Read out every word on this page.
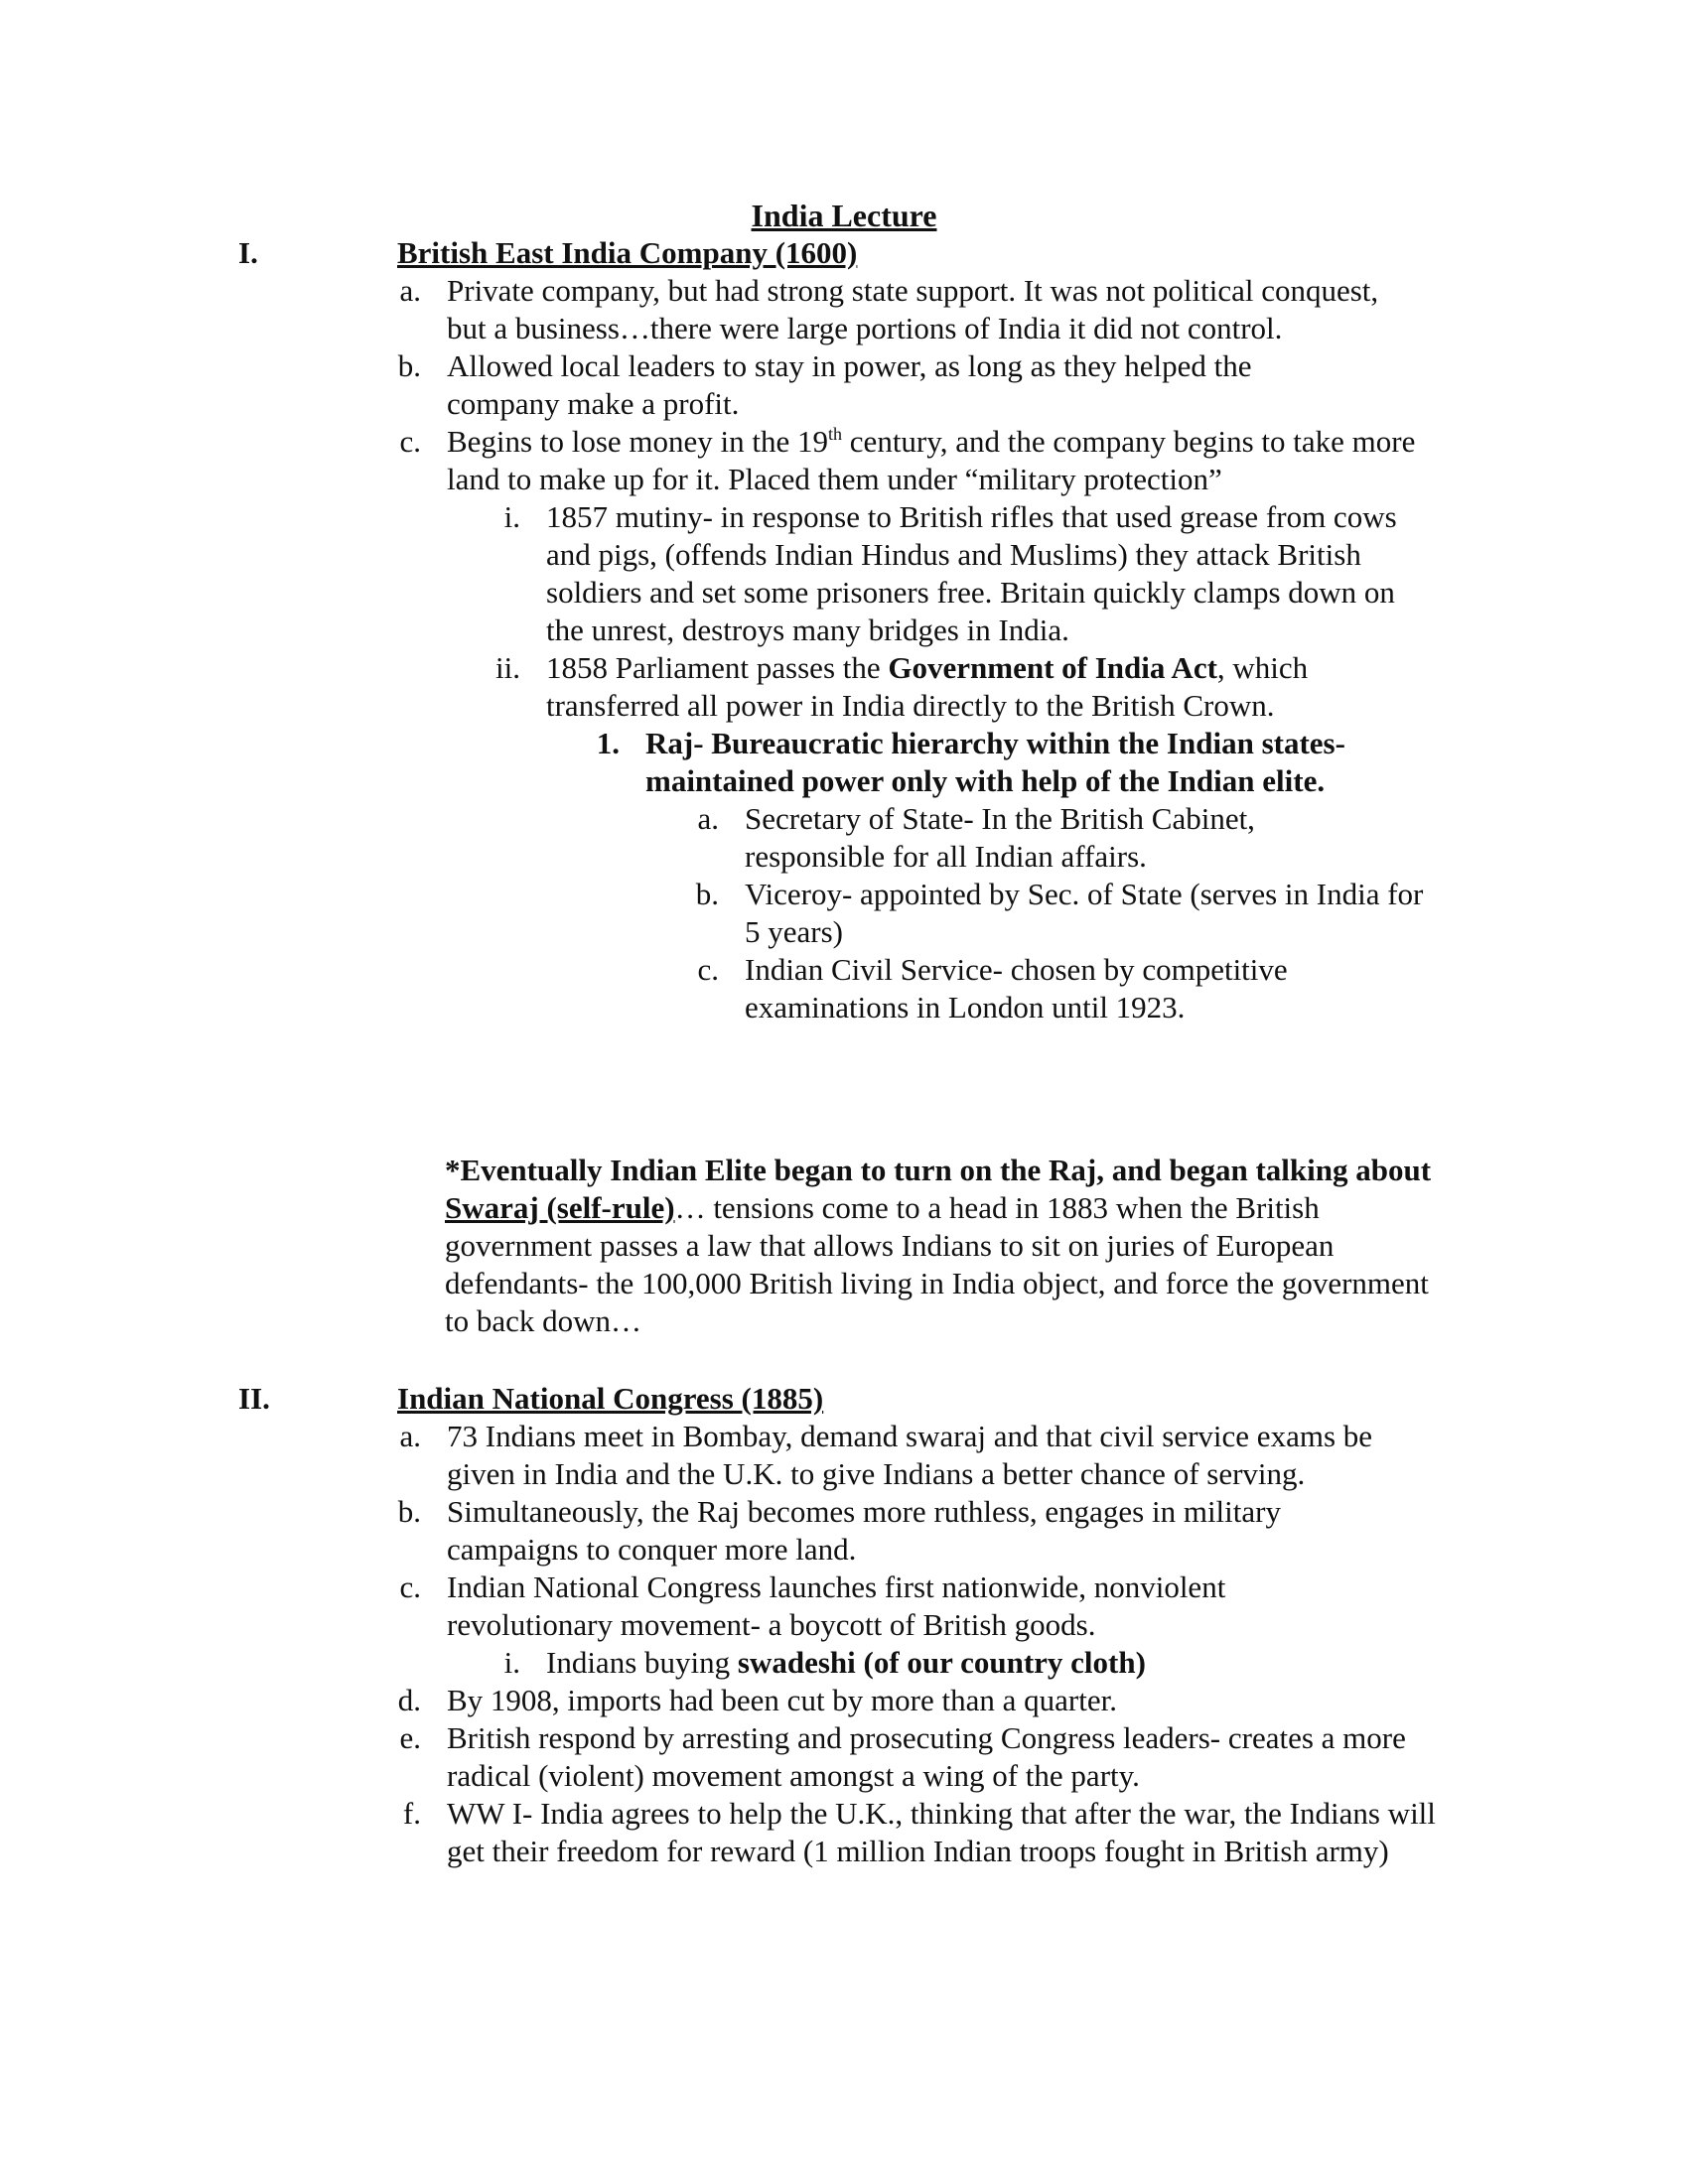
India Lecture
I.	British East India Company (1600)
a. Private company, but had strong state support. It was not political conquest, but a business…there were large portions of India it did not control.
b. Allowed local leaders to stay in power, as long as they helped the company make a profit.
c. Begins to lose money in the 19th century, and the company begins to take more land to make up for it. Placed them under “military protection”
i. 1857 mutiny- in response to British rifles that used grease from cows and pigs, (offends Indian Hindus and Muslims) they attack British soldiers and set some prisoners free. Britain quickly clamps down on the unrest, destroys many bridges in India.
ii. 1858 Parliament passes the Government of India Act, which transferred all power in India directly to the British Crown.
1. Raj- Bureaucratic hierarchy within the Indian states- maintained power only with help of the Indian elite.
a. Secretary of State- In the British Cabinet, responsible for all Indian affairs.
b. Viceroy- appointed by Sec. of State (serves in India for 5 years)
c. Indian Civil Service- chosen by competitive examinations in London until 1923.
*Eventually Indian Elite began to turn on the Raj, and began talking about Swaraj (self-rule)… tensions come to a head in 1883 when the British government passes a law that allows Indians to sit on juries of European defendants- the 100,000 British living in India object, and force the government to back down…
II.	Indian National Congress (1885)
a. 73 Indians meet in Bombay, demand swaraj and that civil service exams be given in India and the U.K. to give Indians a better chance of serving.
b. Simultaneously, the Raj becomes more ruthless, engages in military campaigns to conquer more land.
c. Indian National Congress launches first nationwide, nonviolent revolutionary movement- a boycott of British goods.
i. Indians buying swadeshi (of our country cloth)
d. By 1908, imports had been cut by more than a quarter.
e. British respond by arresting and prosecuting Congress leaders- creates a more radical (violent) movement amongst a wing of the party.
f. WW I- India agrees to help the U.K., thinking that after the war, the Indians will get their freedom for reward (1 million Indian troops fought in British army)
